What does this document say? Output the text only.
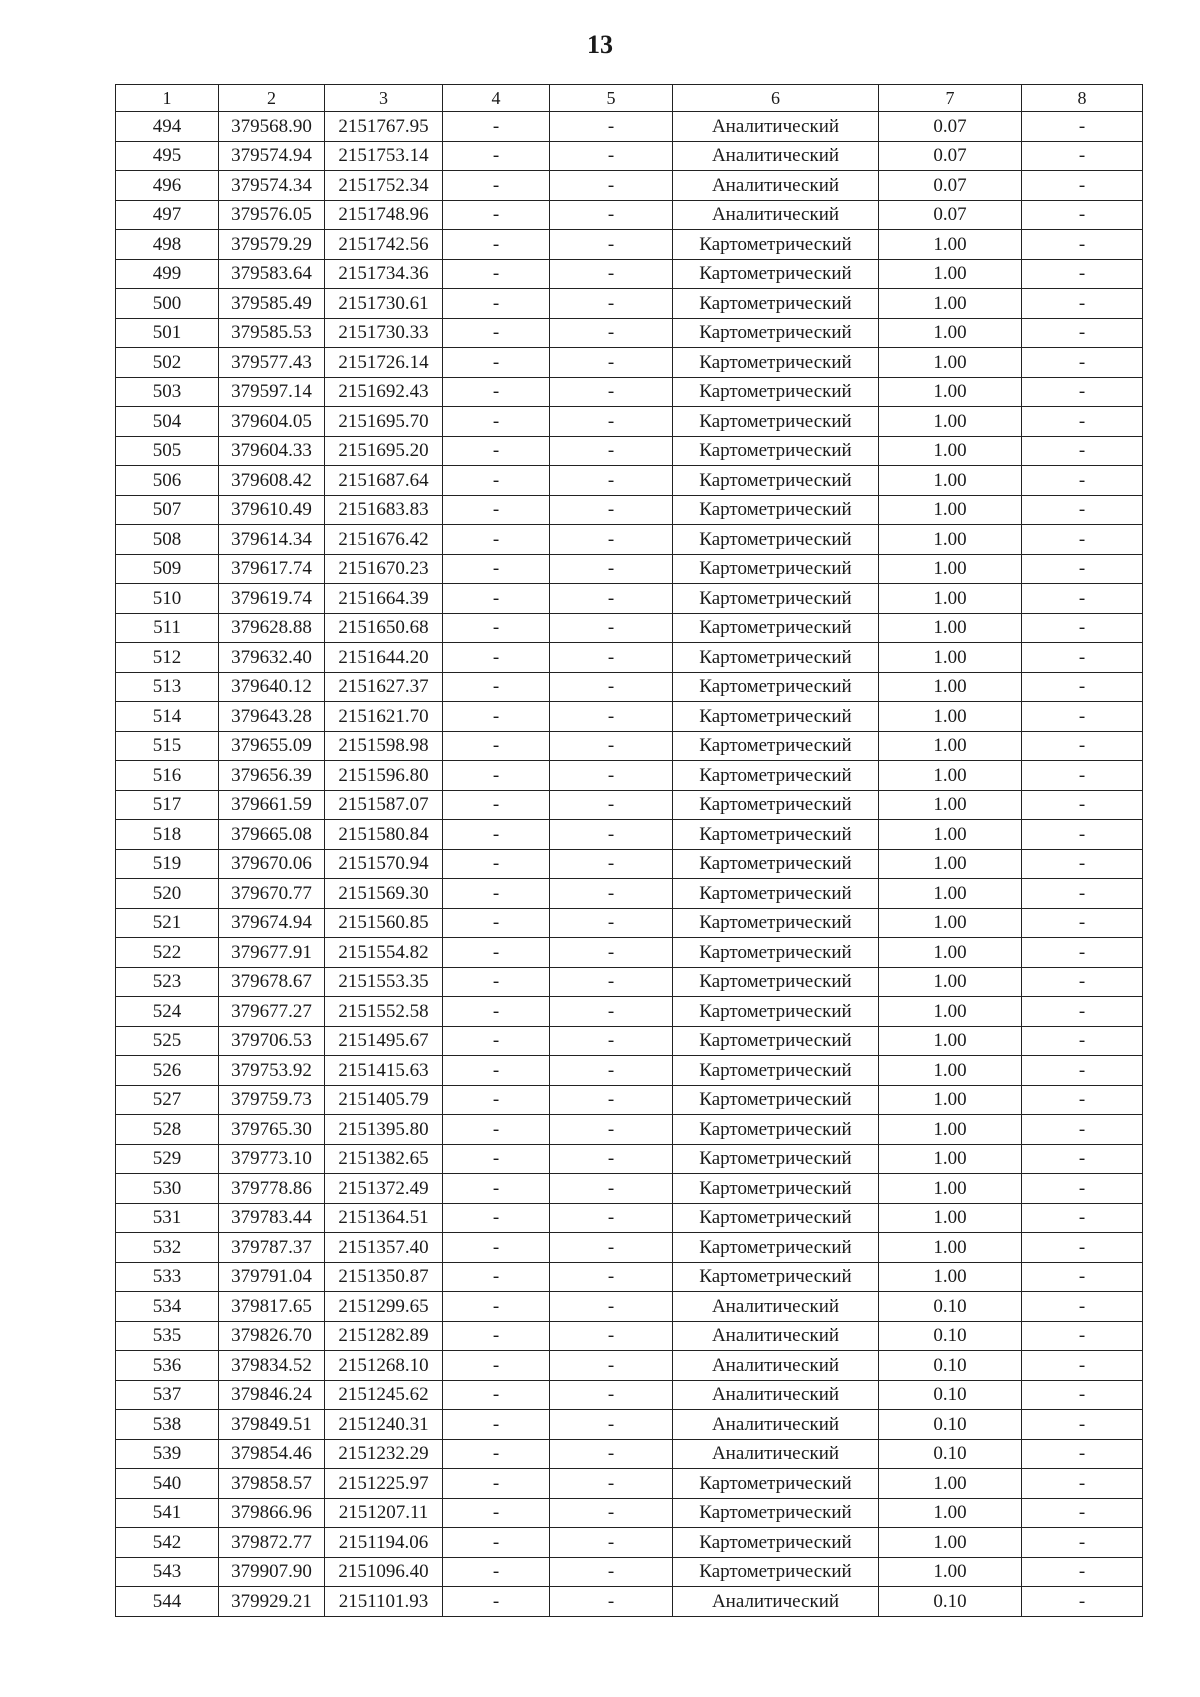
13
1	2	3	4	5	6	7	8
494	379568.90	2151767.95	-	-	Аналитический	0.07	-
495	379574.94	2151753.14	-	-	Аналитический	0.07	-
496	379574.34	2151752.34	-	-	Аналитический	0.07	-
497	379576.05	2151748.96	-	-	Аналитический	0.07	-
498	379579.29	2151742.56	-	-	Картометрический	1.00	-
499	379583.64	2151734.36	-	-	Картометрический	1.00	-
500	379585.49	2151730.61	-	-	Картометрический	1.00	-
501	379585.53	2151730.33	-	-	Картометрический	1.00	-
502	379577.43	2151726.14	-	-	Картометрический	1.00	-
503	379597.14	2151692.43	-	-	Картометрический	1.00	-
504	379604.05	2151695.70	-	-	Картометрический	1.00	-
505	379604.33	2151695.20	-	-	Картометрический	1.00	-
506	379608.42	2151687.64	-	-	Картометрический	1.00	-
507	379610.49	2151683.83	-	-	Картометрический	1.00	-
508	379614.34	2151676.42	-	-	Картометрический	1.00	-
509	379617.74	2151670.23	-	-	Картометрический	1.00	-
510	379619.74	2151664.39	-	-	Картометрический	1.00	-
511	379628.88	2151650.68	-	-	Картометрический	1.00	-
512	379632.40	2151644.20	-	-	Картометрический	1.00	-
513	379640.12	2151627.37	-	-	Картометрический	1.00	-
514	379643.28	2151621.70	-	-	Картометрический	1.00	-
515	379655.09	2151598.98	-	-	Картометрический	1.00	-
516	379656.39	2151596.80	-	-	Картометрический	1.00	-
517	379661.59	2151587.07	-	-	Картометрический	1.00	-
518	379665.08	2151580.84	-	-	Картометрический	1.00	-
519	379670.06	2151570.94	-	-	Картометрический	1.00	-
520	379670.77	2151569.30	-	-	Картометрический	1.00	-
521	379674.94	2151560.85	-	-	Картометрический	1.00	-
522	379677.91	2151554.82	-	-	Картометрический	1.00	-
523	379678.67	2151553.35	-	-	Картометрический	1.00	-
524	379677.27	2151552.58	-	-	Картометрический	1.00	-
525	379706.53	2151495.67	-	-	Картометрический	1.00	-
526	379753.92	2151415.63	-	-	Картометрический	1.00	-
527	379759.73	2151405.79	-	-	Картометрический	1.00	-
528	379765.30	2151395.80	-	-	Картометрический	1.00	-
529	379773.10	2151382.65	-	-	Картометрический	1.00	-
530	379778.86	2151372.49	-	-	Картометрический	1.00	-
531	379783.44	2151364.51	-	-	Картометрический	1.00	-
532	379787.37	2151357.40	-	-	Картометрический	1.00	-
533	379791.04	2151350.87	-	-	Картометрический	1.00	-
534	379817.65	2151299.65	-	-	Аналитический	0.10	-
535	379826.70	2151282.89	-	-	Аналитический	0.10	-
536	379834.52	2151268.10	-	-	Аналитический	0.10	-
537	379846.24	2151245.62	-	-	Аналитический	0.10	-
538	379849.51	2151240.31	-	-	Аналитический	0.10	-
539	379854.46	2151232.29	-	-	Аналитический	0.10	-
540	379858.57	2151225.97	-	-	Картометрический	1.00	-
541	379866.96	2151207.11	-	-	Картометрический	1.00	-
542	379872.77	2151194.06	-	-	Картометрический	1.00	-
543	379907.90	2151096.40	-	-	Картометрический	1.00	-
544	379929.21	2151101.93	-	-	Аналитический	0.10	-
